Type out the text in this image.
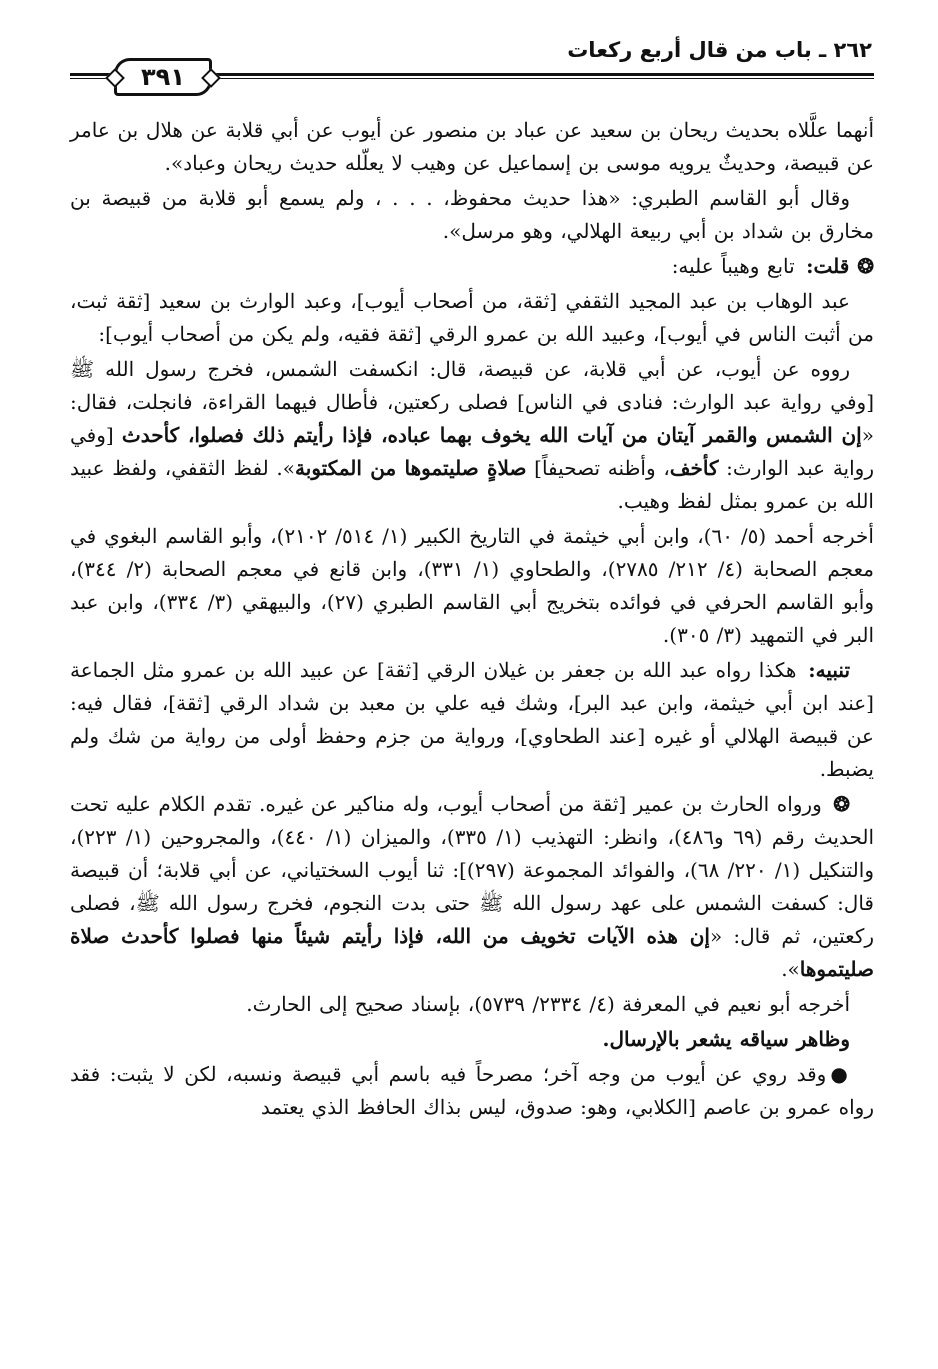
٢٦٢ ـ باب من قال أربع ركعات
٣٩١

أنهما علَّلاه بحديث ريحان بن سعيد عن عباد بن منصور عن أيوب عن أبي قلابة عن هلال بن عامر عن قبيصة، وحديثٌ يرويه موسى بن إسماعيل عن وهيب لا يعلّله حديث ريحان وعباد».

وقال أبو القاسم الطبري: «هذا حديث محفوظ، . . . ، ولم يسمع أبو قلابة من قبيصة بن مخارق بن شداد بن أبي ربيعة الهلالي، وهو مرسل».

❂ قلت: تابع وهيباً عليه:

عبد الوهاب بن عبد المجيد الثقفي [ثقة، من أصحاب أيوب]، وعبد الوارث بن سعيد [ثقة ثبت، من أثبت الناس في أيوب]، وعبيد الله بن عمرو الرقي [ثقة فقيه، ولم يكن من أصحاب أيوب]:

رووه عن أيوب، عن أبي قلابة، عن قبيصة، قال: انكسفت الشمس، فخرج رسول الله ﷺ [وفي رواية عبد الوارث: فنادى في الناس] فصلى ركعتين، فأطال فيهما القراءة، فانجلت، فقال: «إن الشمس والقمر آيتان من آيات الله يخوف بهما عباده، فإذا رأيتم ذلك فصلوا، كأحدث [وفي رواية عبد الوارث: كأخف، وأظنه تصحيفاً] صلاةٍ صليتموها من المكتوبة». لفظ الثقفي، ولفظ عبيد الله بن عمرو بمثل لفظ وهيب.

أخرجه أحمد (٥/ ٦٠)، وابن أبي خيثمة في التاريخ الكبير (١/ ٥١٤/ ٢١٠٢)، وأبو القاسم البغوي في معجم الصحابة (٤/ ٢١٢/ ٢٧٨٥)، والطحاوي (١/ ٣٣١)، وابن قانع في معجم الصحابة (٢/ ٣٤٤)، وأبو القاسم الحرفي في فوائده بتخريج أبي القاسم الطبري (٢٧)، والبيهقي (٣/ ٣٣٤)، وابن عبد البر في التمهيد (٣/ ٣٠٥).

تنبيه: هكذا رواه عبد الله بن جعفر بن غيلان الرقي [ثقة] عن عبيد الله بن عمرو مثل الجماعة [عند ابن أبي خيثمة، وابن عبد البر]، وشك فيه علي بن معبد بن شداد الرقي [ثقة]، فقال فيه: عن قبيصة الهلالي أو غيره [عند الطحاوي]، ورواية من جزم وحفظ أولى من رواية من شك ولم يضبط.

❂ ورواه الحارث بن عمير [ثقة من أصحاب أيوب، وله مناكير عن غيره. تقدم الكلام عليه تحت الحديث رقم (٦٩ و٤٨٦)، وانظر: التهذيب (١/ ٣٣٥)، والميزان (١/ ٤٤٠)، والمجروحين (١/ ٢٢٣)، والتنكيل (١/ ٢٢٠/ ٦٨)، والفوائد المجموعة (٢٩٧)]: ثنا أيوب السختياني، عن أبي قلابة؛ أن قبيصة قال: كسفت الشمس على عهد رسول الله ﷺ حتى بدت النجوم، فخرج رسول الله ﷺ، فصلى ركعتين، ثم قال: «إن هذه الآيات تخويف من الله، فإذا رأيتم شيئاً منها فصلوا كأحدث صلاة صليتموها».

أخرجه أبو نعيم في المعرفة (٤/ ٢٣٣٤/ ٥٧٣٩)، بإسناد صحيح إلى الحارث.

وظاهر سياقه يشعر بالإرسال.

●وقد روي عن أيوب من وجه آخر؛ مصرحاً فيه باسم أبي قبيصة ونسبه، لكن لا يثبت: فقد رواه عمرو بن عاصم [الكلابي، وهو: صدوق، ليس بذاك الحافظ الذي يعتمد
